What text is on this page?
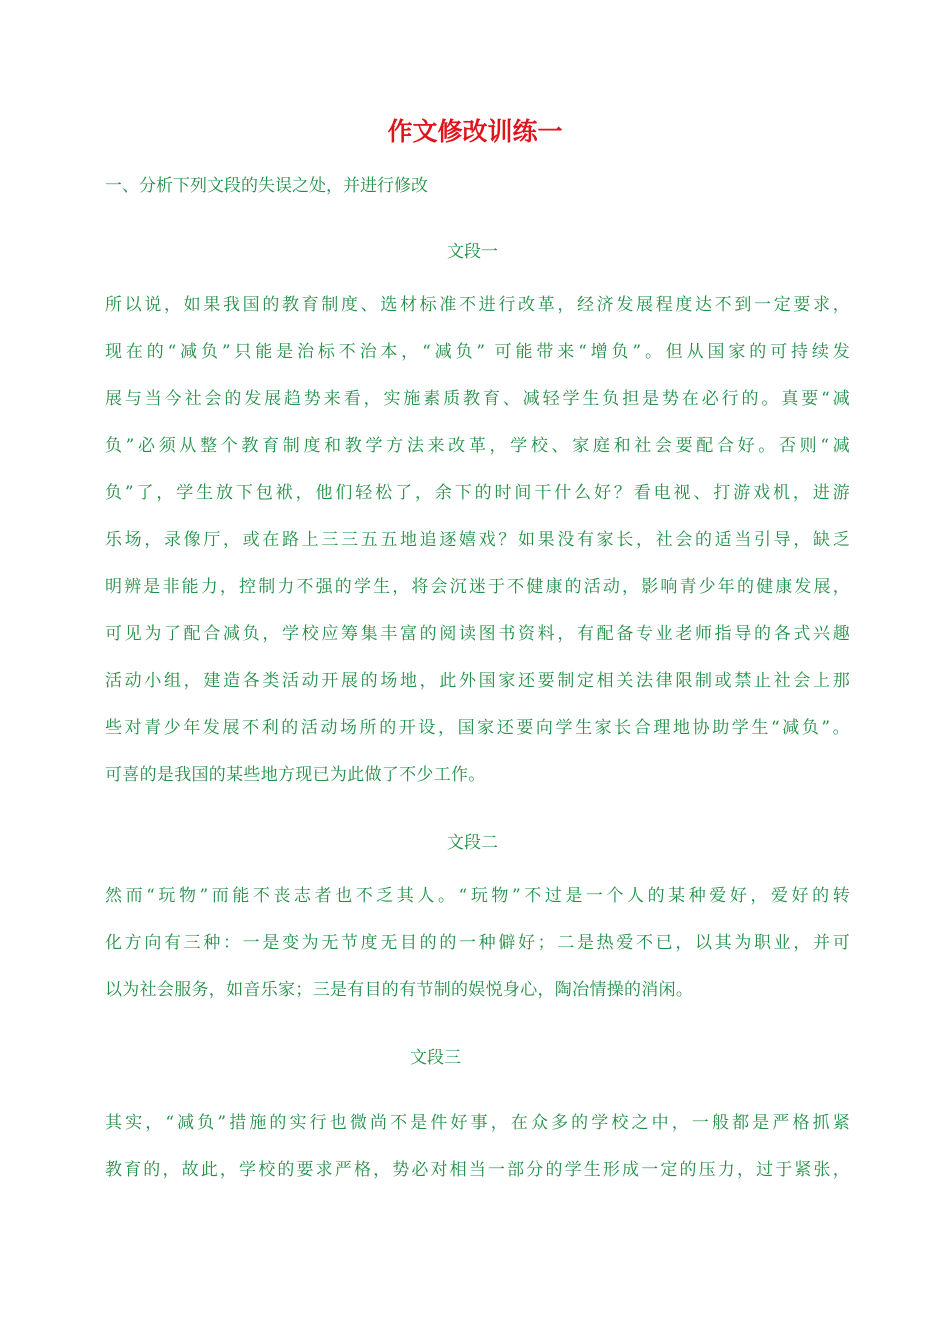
作文修改训练一

一、分析下列文段的失误之处，并进行修改

文段一

所以说，如果我国的教育制度、选材标准不进行改革，经济发展程度达不到一定要求，
现在的“减负”只能是治标不治本，“减负” 可能带来“增负”。但从国家的可持续发
展与当今社会的发展趋势来看，实施素质教育、减轻学生负担是势在必行的。真要“减
负”必须从整个教育制度和教学方法来改革，学校、家庭和社会要配合好。否则“减
负”了，学生放下包袱，他们轻松了，余下的时间干什么好？看电视、打游戏机，进游
乐场，录像厅，或在路上三三五五地追逐嬉戏？如果没有家长，社会的适当引导，缺乏
明辨是非能力，控制力不强的学生，将会沉迷于不健康的活动，影响青少年的健康发展，
可见为了配合减负，学校应筹集丰富的阅读图书资料，有配备专业老师指导的各式兴趣
活动小组，建造各类活动开展的场地，此外国家还要制定相关法律限制或禁止社会上那
些对青少年发展不利的活动场所的开设，国家还要向学生家长合理地协助学生“减负”。
可喜的是我国的某些地方现已为此做了不少工作。

文段二

然而“玩物”而能不丧志者也不乏其人。“玩物”不过是一个人的某种爱好，爱好的转
化方向有三种：一是变为无节度无目的的一种僻好；二是热爱不已，以其为职业，并可
以为社会服务，如音乐家；三是有目的有节制的娱悦身心，陶冶情操的消闲。

文段三

其实，“减负”措施的实行也微尚不是件好事，在众多的学校之中，一般都是严格抓紧
教育的，故此，学校的要求严格，势必对相当一部分的学生形成一定的压力，过于紧张，
